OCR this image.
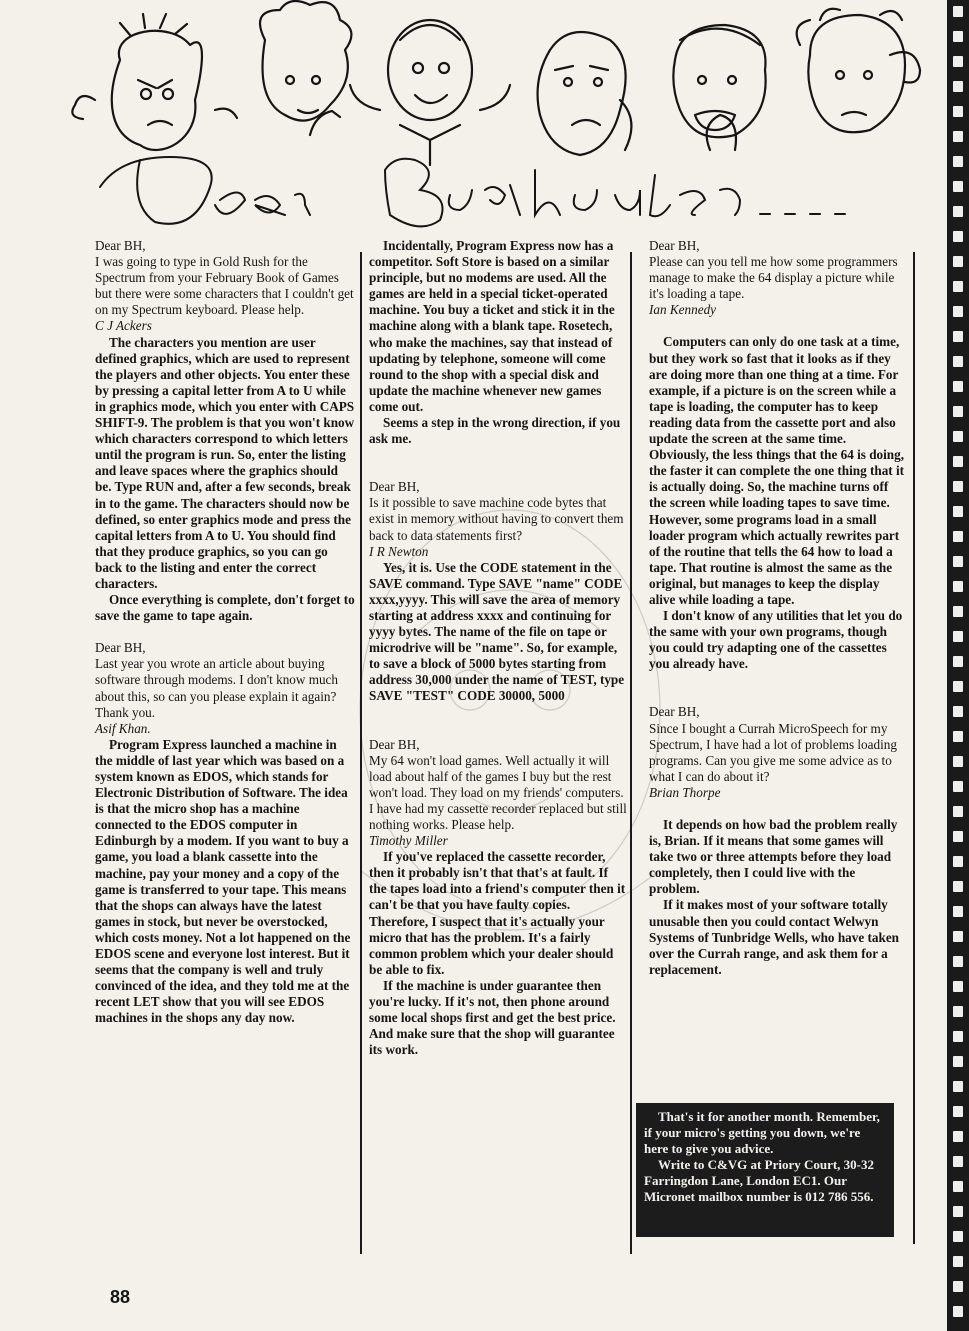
Dear BH,

I was going to type in Gold Rush for the Spectrum from your February Book of Games but there were some characters that I couldn't get on my Spectrum keyboard. Please help.

C J Ackers

The characters you mention are user defined graphics, which are used to represent the players and other objects. You enter these by pressing a capital letter from A to U while in graphics mode, which you enter with CAPS SHIFT-9. The problem is that you won't know which characters correspond to which letters until the program is run. So, enter the listing and leave spaces where the graphics should be. Type RUN and, after a few seconds, break in to the game. The characters should now be defined, so enter graphics mode and press the capital letters from A to U. You should find that they produce graphics, so you can go back to the listing and enter the correct characters.

Once everything is complete, don't forget to save the game to tape again.

Dear BH,

Last year you wrote an article about buying software through modems. I don't know much about this, so can you please explain it again? Thank you.

Asif Khan.

Program Express launched a machine in the middle of last year which was based on a system known as EDOS, which stands for Electronic Distribution of Software. The idea is that the micro shop has a machine connected to the EDOS computer in Edinburgh by a modem. If you want to buy a game, you load a blank cassette into the machine, pay your money and a copy of the game is transferred to your tape. This means that the shops can always have the latest games in stock, but never be overstocked, which costs money. Not a lot happened on the EDOS scene and everyone lost interest. But it seems that the company is well and truly convinced of the idea, and they told me at the recent LET show that you will see EDOS machines in the shops any day now.

Incidentally, Program Express now has a competitor. Soft Store is based on a similar principle, but no modems are used. All the games are held in a special ticket-operated machine. You buy a ticket and stick it in the machine along with a blank tape. Rosetech, who make the machines, say that instead of updating by telephone, someone will come round to the shop with a special disk and update the machine whenever new games come out.

Seems a step in the wrong direction, if you ask me.

Dear BH,

Is it possible to save machine code bytes that exist in memory without having to convert them back to data statements first?

I R Newton

Yes, it is. Use the CODE statement in the SAVE command. Type SAVE "name" CODE xxxx,yyyy. This will save the area of memory starting at address xxxx and continuing for yyyy bytes. The name of the file on tape or microdrive will be "name". So, for example, to save a block of 5000 bytes starting from address 30,000 under the name of TEST, type SAVE "TEST" CODE 30000, 5000

Dear BH,

My 64 won't load games. Well actually it will load about half of the games I buy but the rest won't load. They load on my friends' computers. I have had my cassette recorder replaced but still nothing works. Please help.

Timothy Miller

If you've replaced the cassette recorder, then it probably isn't that that's at fault. If the tapes load into a friend's computer then it can't be that you have faulty copies. Therefore, I suspect that it's actually your micro that has the problem. It's a fairly common problem which your dealer should be able to fix.

If the machine is under guarantee then you're lucky. If it's not, then phone around some local shops first and get the best price. And make sure that the shop will guarantee its work.

Dear BH,

Please can you tell me how some programmers manage to make the 64 display a picture while it's loading a tape.

Ian Kennedy

Computers can only do one task at a time, but they work so fast that it looks as if they are doing more than one thing at a time. For example, if a picture is on the screen while a tape is loading, the computer has to keep reading data from the cassette port and also update the screen at the same time. Obviously, the less things that the 64 is doing, the faster it can complete the one thing that it is actually doing. So, the machine turns off the screen while loading tapes to save time. However, some programs load in a small loader program which actually rewrites part of the routine that tells the 64 how to load a tape. That routine is almost the same as the original, but manages to keep the display alive while loading a tape.

I don't know of any utilities that let you do the same with your own programs, though you could try adapting one of the cassettes you already have.

Dear BH,

Since I bought a Currah MicroSpeech for my Spectrum, I have had a lot of problems loading programs. Can you give me some advice as to what I can do about it?

Brian Thorpe

It depends on how bad the problem really is, Brian. If it means that some games will take two or three attempts before they load completely, then I could live with the problem.

If it makes most of your software totally unusable then you could contact Welwyn Systems of Tunbridge Wells, who have taken over the Currah range, and ask them for a replacement.

That's it for another month. Remember, if your micro's getting you down, we're here to give you advice.

Write to C&VG at Priory Court, 30-32 Farringdon Lane, London EC1. Our Micronet mailbox number is 012 786 556.

88
